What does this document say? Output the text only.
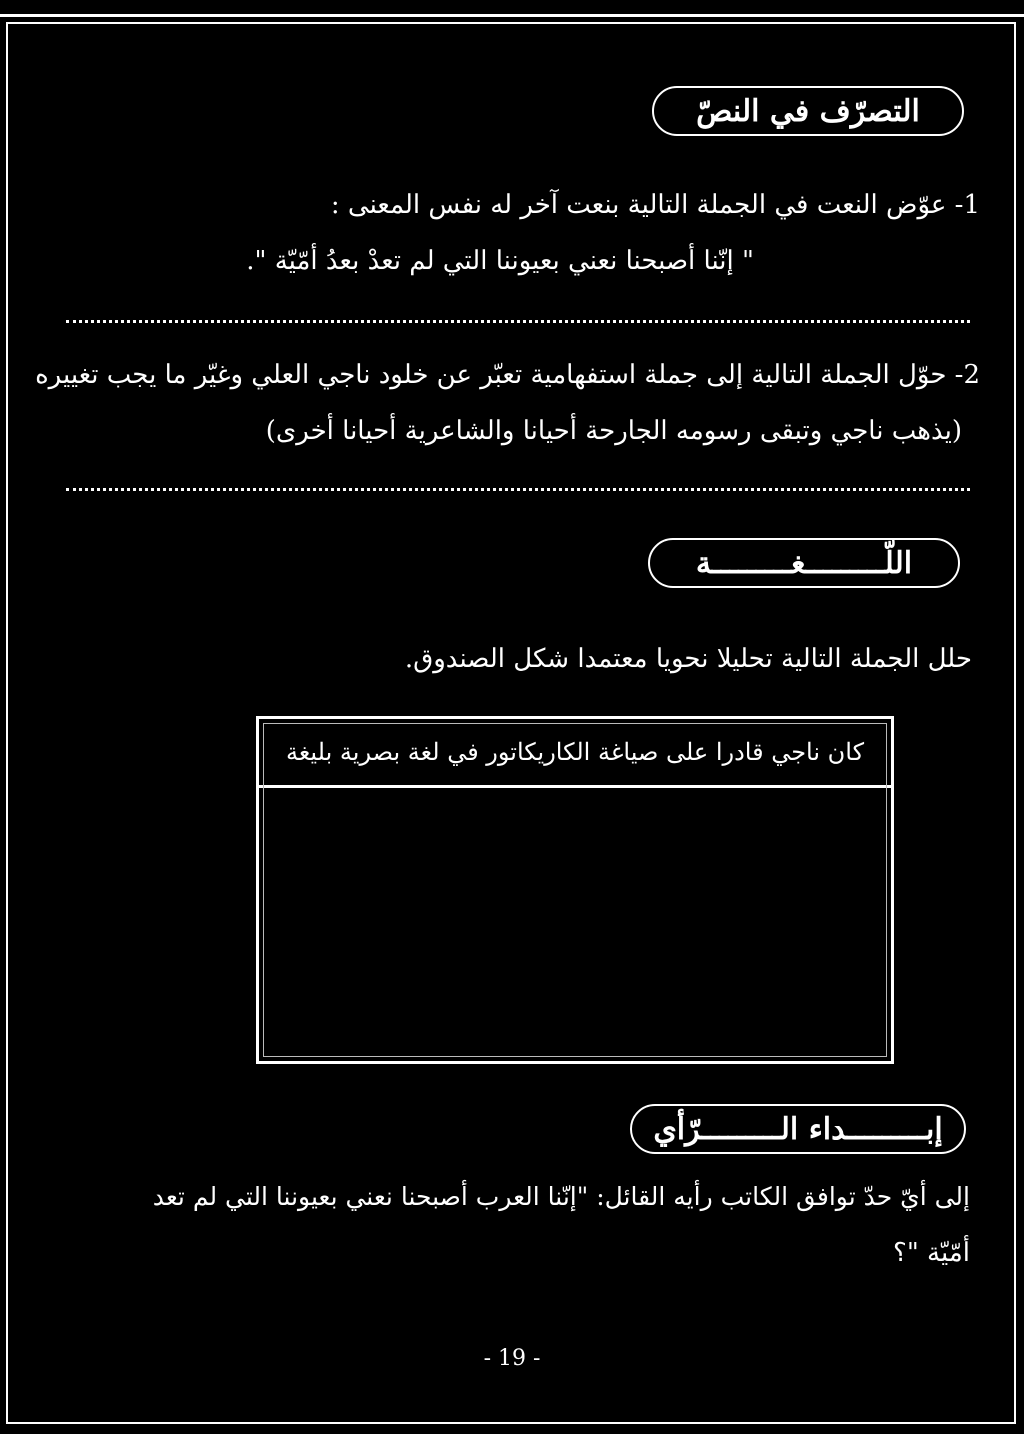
التصرّف في النصّ
1- عوّض النعت في الجملة التالية بنعت آخر له نفس المعنى :
" إنّنا أصبحنا نعني بعيوننا التي لم تعدْ بعدُ أمّيّة ".
2- حوّل الجملة التالية إلى جملة استفهامية تعبّر عن خلود ناجي العلي وغيّر ما يجب تغييره
(يذهب ناجي وتبقى رسومه الجارحة أحيانا والشاعرية أحيانا أخرى)
اللّـــــــــغـــــــــة
حلل الجملة التالية تحليلا نحويا معتمدا شكل الصندوق.
كان ناجي قادرا على صياغة الكاريكاتور في لغة بصرية بليغة
إبـــــــــداء الـــــــــرّأي
إلى أيّ حدّ توافق الكاتب رأيه القائل: "إنّنا العرب أصبحنا نعني بعيوننا التي لم تعد
أمّيّة "؟
- 19 -
